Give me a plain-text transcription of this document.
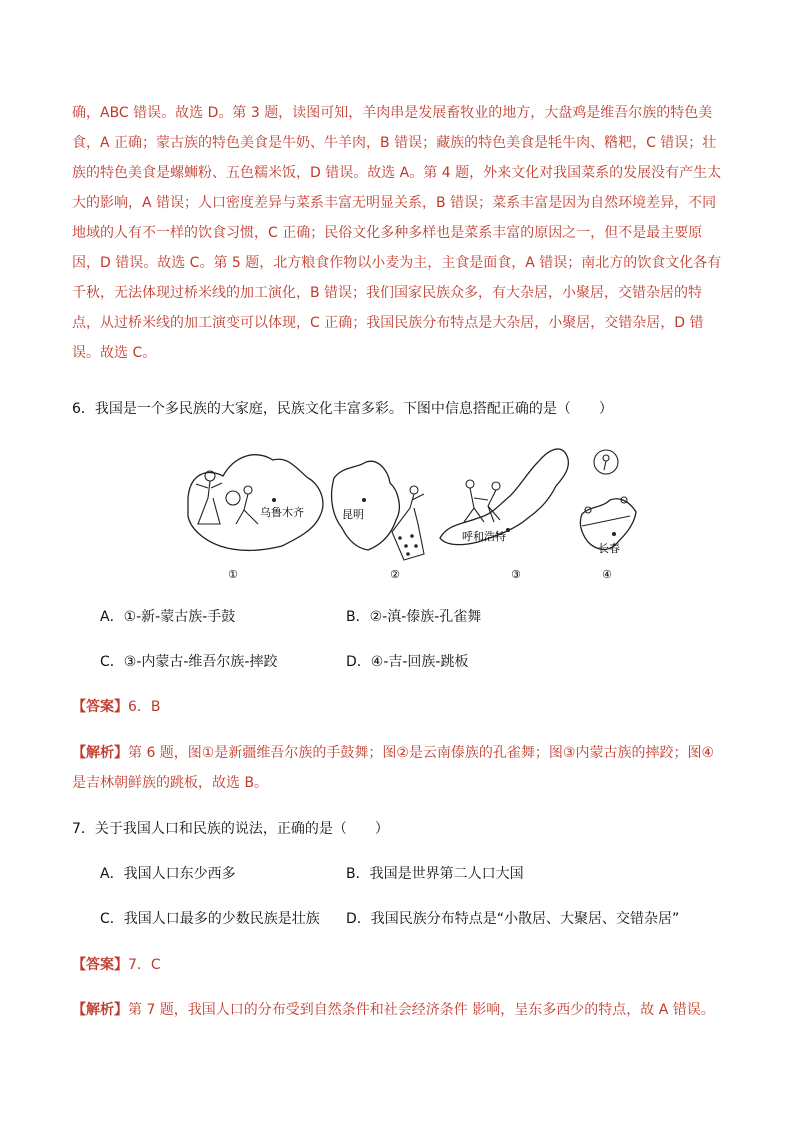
确，ABC 错误。故选 D。第 3 题，读图可知，羊肉串是发展畜牧业的地方，大盘鸡是维吾尔族的特色美
食，A 正确；蒙古族的特色美食是牛奶、牛羊肉，B 错误；藏族的特色美食是牦牛肉、糌粑，C 错误；壮
族的特色美食是螺蛳粉、五色糯米饭，D 错误。故选 A。第 4 题，外来文化对我国菜系的发展没有产生太
大的影响，A 错误；人口密度差异与菜系丰富无明显关系，B 错误；菜系丰富是因为自然环境差异，不同
地域的人有不一样的饮食习惯，C 正确；民俗文化多种多样也是菜系丰富的原因之一，但不是最主要原
因，D 错误。故选 C。第 5 题，北方粮食作物以小麦为主，主食是面食，A 错误；南北方的饮食文化各有
千秋，无法体现过桥米线的加工演化，B 错误；我们国家民族众多，有大杂居，小聚居，交错杂居的特
点，从过桥米线的加工演变可以体现，C 正确；我国民族分布特点是大杂居，小聚居，交错杂居，D 错
误。故选 C。
6．我国是一个多民族的大家庭，民族文化丰富多彩。下图中信息搭配正确的是（　　）
乌鲁木齐
①
昆明
②
呼和浩特
③
长春
④
A．①-新-蒙古族-手鼓	B．②-滇-傣族-孔雀舞
C．③-内蒙古-维吾尔族-摔跤	D．④-吉-回族-跳板
【答案】6．B
【解析】第 6 题，图①是新疆维吾尔族的手鼓舞；图②是云南傣族的孔雀舞；图③内蒙古族的摔跤；图④
是吉林朝鲜族的跳板，故选 B。
7．关于我国人口和民族的说法，正确的是（　　）
A．我国人口东少西多	B．我国是世界第二人口大国
C．我国人口最多的少数民族是壮族 D．我国民族分布特点是“小散居、大聚居、交错杂居”
【答案】7．C
【解析】第 7 题，我国人口的分布受到自然条件和社会经济条件 影响，呈东多西少的特点，故 A 错误。
